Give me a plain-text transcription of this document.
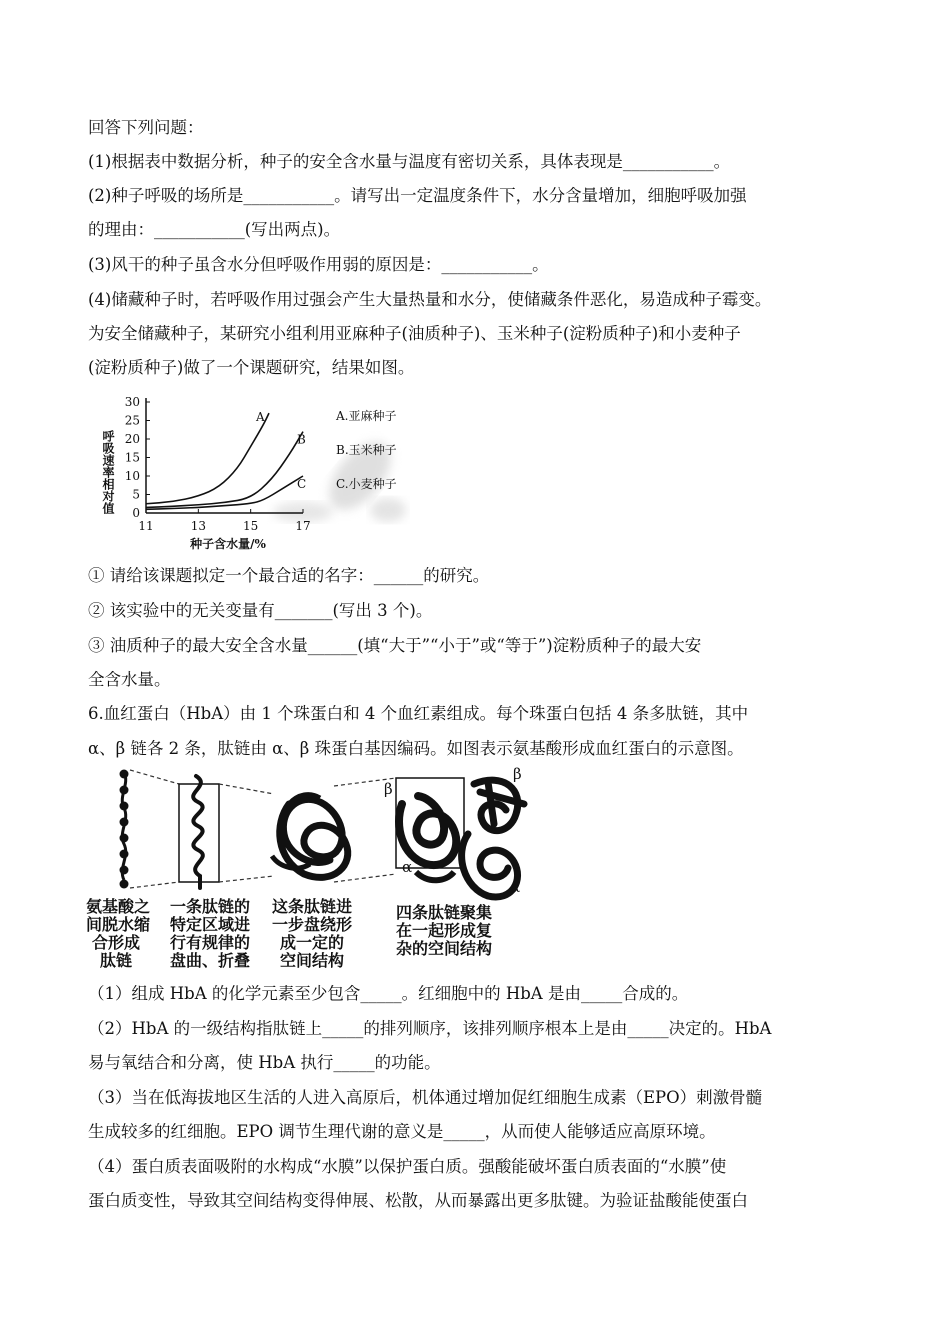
回答下列问题：
(1)根据表中数据分析，种子的安全含水量与温度有密切关系，具体表现是___________。
(2)种子呼吸的场所是___________。请写出一定温度条件下，水分含量增加，细胞呼吸加强
的理由：___________(写出两点)。
(3)风干的种子虽含水分但呼吸作用弱的原因是：___________。
(4)储藏种子时，若呼吸作用过强会产生大量热量和水分，使储藏条件恶化，易造成种子霉变。
为安全储藏种子，某研究小组利用亚麻种子(油质种子)、玉米种子(淀粉质种子)和小麦种子
(淀粉质种子)做了一个课题研究，结果如图。
0
5
10
15
20
25
30
11	13	15	17
A
B
C
A.亚麻种子
B.玉米种子
C.小麦种子
呼吸速率相对值
种子含水量/%
① 请给该课题拟定一个最合适的名字：______的研究。
② 该实验中的无关变量有_______(写出 3 个)。
③ 油质种子的最大安全含水量______(填“大于”“小于”或“等于”)淀粉质种子的最大安
全含水量。
6.血红蛋白（HbA）由 1 个珠蛋白和 4 个血红素组成。每个珠蛋白包括 4 条多肽链，其中
α、β 链各 2 条，肽链由 α、β 珠蛋白基因编码。如图表示氨基酸形成血红蛋白的示意图。
β
β
α
α
氨基酸之
间脱水缩
合形成
肽链
一条肽链的
特定区域进
行有规律的
盘曲、折叠
这条肽链进
一步盘绕形
成一定的
空间结构
四条肽链聚集
在一起形成复
杂的空间结构
（1）组成 HbA 的化学元素至少包含_____。红细胞中的 HbA 是由_____合成的。
（2）HbA 的一级结构指肽链上_____的排列顺序，该排列顺序根本上是由_____决定的。HbA
易与氧结合和分离，使 HbA 执行_____的功能。
（3）当在低海拔地区生活的人进入高原后，机体通过增加促红细胞生成素（EPO）刺激骨髓
生成较多的红细胞。EPO 调节生理代谢的意义是_____，从而使人能够适应高原环境。
（4）蛋白质表面吸附的水构成“水膜”以保护蛋白质。强酸能破坏蛋白质表面的“水膜”使
蛋白质变性，导致其空间结构变得伸展、松散，从而暴露出更多肽键。为验证盐酸能使蛋白
